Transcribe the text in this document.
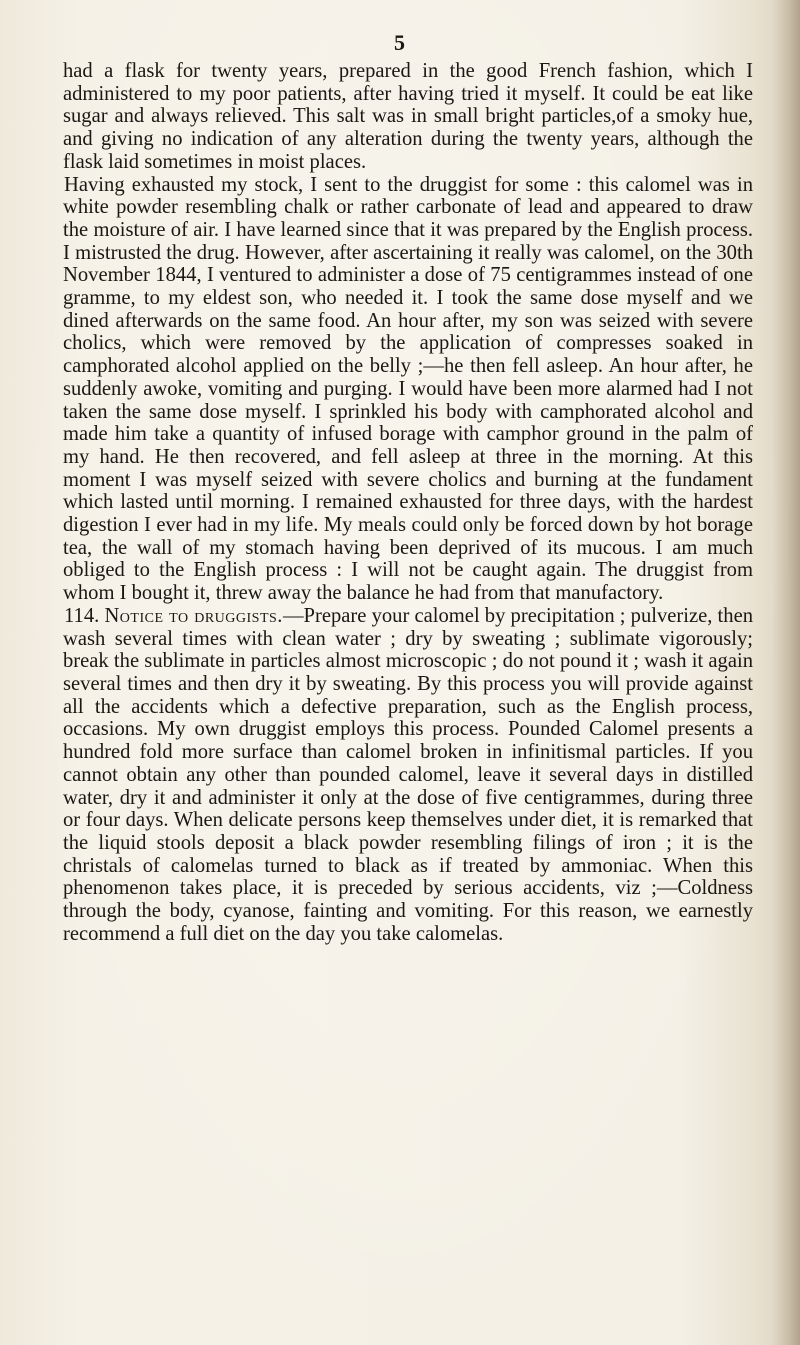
5

had a flask for twenty years, prepared in the good French fashion, which I administered to my poor patients, after having tried it myself. It could be eat like sugar and always relieved. This salt was in small bright particles,of a smoky hue, and giving no indication of any alteration during the twenty years, although the flask laid sometimes in moist places.

Having exhausted my stock, I sent to the druggist for some : this calomel was in white powder resembling chalk or rather carbonate of lead and appeared to draw the moisture of air. I have learned since that it was prepared by the English process. I mistrusted the drug. However, after ascertaining it really was calomel, on the 30th November 1844, I ventured to administer a dose of 75 centigrammes instead of one gramme, to my eldest son, who needed it. I took the same dose myself and we dined afterwards on the same food. An hour after, my son was seized with severe cholics, which were removed by the application of compresses soaked in camphorated alcohol applied on the belly ;—he then fell asleep. An hour after, he suddenly awoke, vomiting and purging. I would have been more alarmed had I not taken the same dose myself. I sprinkled his body with camphorated alcohol and made him take a quantity of infused borage with camphor ground in the palm of my hand. He then recovered, and fell asleep at three in the morning. At this moment I was myself seized with severe cholics and burning at the fundament which lasted until morning. I remained exhausted for three days, with the hardest digestion I ever had in my life. My meals could only be forced down by hot borage tea, the wall of my stomach having been deprived of its mucous. I am much obliged to the English process : I will not be caught again. The druggist from whom I bought it, threw away the balance he had from that manufactory.

114. Notice to druggists.—Prepare your calomel by precipitation ; pulverize, then wash several times with clean water ; dry by sweating ; sublimate vigorously; break the sublimate in particles almost microscopic ; do not pound it ; wash it again several times and then dry it by sweating. By this process you will provide against all the accidents which a defective preparation, such as the English process, occasions. My own druggist employs this process. Pounded Calomel presents a hundred fold more surface than calomel broken in infinitismal particles. If you cannot obtain any other than pounded calomel, leave it several days in distilled water, dry it and administer it only at the dose of five centigrammes, during three or four days. When delicate persons keep themselves under diet, it is remarked that the liquid stools deposit a black powder resembling filings of iron ; it is the christals of calomelas turned to black as if treated by ammoniac. When this phenomenon takes place, it is preceded by serious accidents, viz ;—Coldness through the body, cyanose, fainting and vomiting. For this reason, we earnestly recommend a full diet on the day you take calomelas.
